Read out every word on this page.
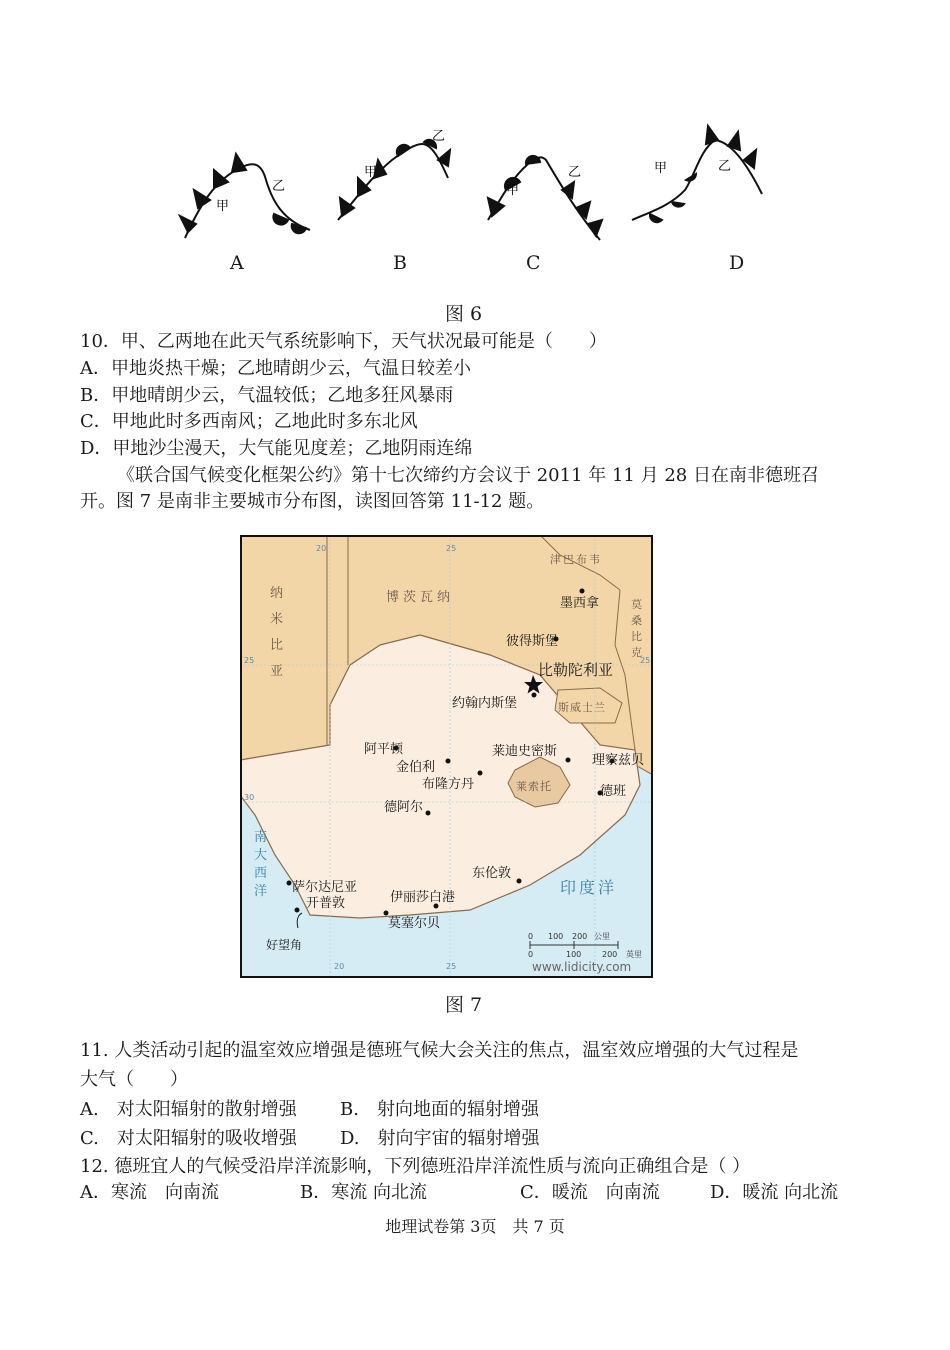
甲
乙
甲
乙
甲
乙	甲	乙
A	B	C	D
图 6
10．甲、乙两地在此天气系统影响下，天气状况最可能是（　　）
A．甲地炎热干燥；乙地晴朗少云，气温日较差小
B．甲地晴朗少云，气温较低；乙地多狂风暴雨
C．甲地此时多西南风；乙地此时多东北风
D．甲地沙尘漫天，大气能见度差；乙地阴雨连绵
《联合国气候变化框架公约》第十七次缔约方会议于 2011 年 11 月 28 日在南非德班召
开。图 7 是南非主要城市分布图，读图回答第 11-12 题。
20	25
20	25
25	25
30
纳
米
比
亚
博茨瓦纳
津巴布韦
莫
桑
比
克
斯威士兰
莱索托
南
大
西
洋	印度洋
墨西拿
彼得斯堡
比勒陀利亚
约翰内斯堡
阿平顿
金伯利
布隆方丹
莱迪史密斯
理察兹贝
德班
德阿尔
东伦敦
萨尔达尼亚
开普敦	伊丽莎白港
莫塞尔贝
好望角
0 100 200 公里
0	100	200 英里
www.lidicity.com
图 7
11. 人类活动引起的温室效应增强是德班气候大会关注的焦点，温室效应增强的大气过程是
大气（　　）
A.　对太阳辐射的散射增强 B.　射向地面的辐射增强
C.　对太阳辐射的吸收增强 D.　射向宇宙的辐射增强
12. 德班宜人的气候受沿岸洋流影响，下列德班沿岸洋流性质与流向正确组合是（ ）
A．寒流　向南流	B．寒流 向北流	C．暖流　向南流	D．暖流 向北流
地理试卷第 3页　共 7 页
